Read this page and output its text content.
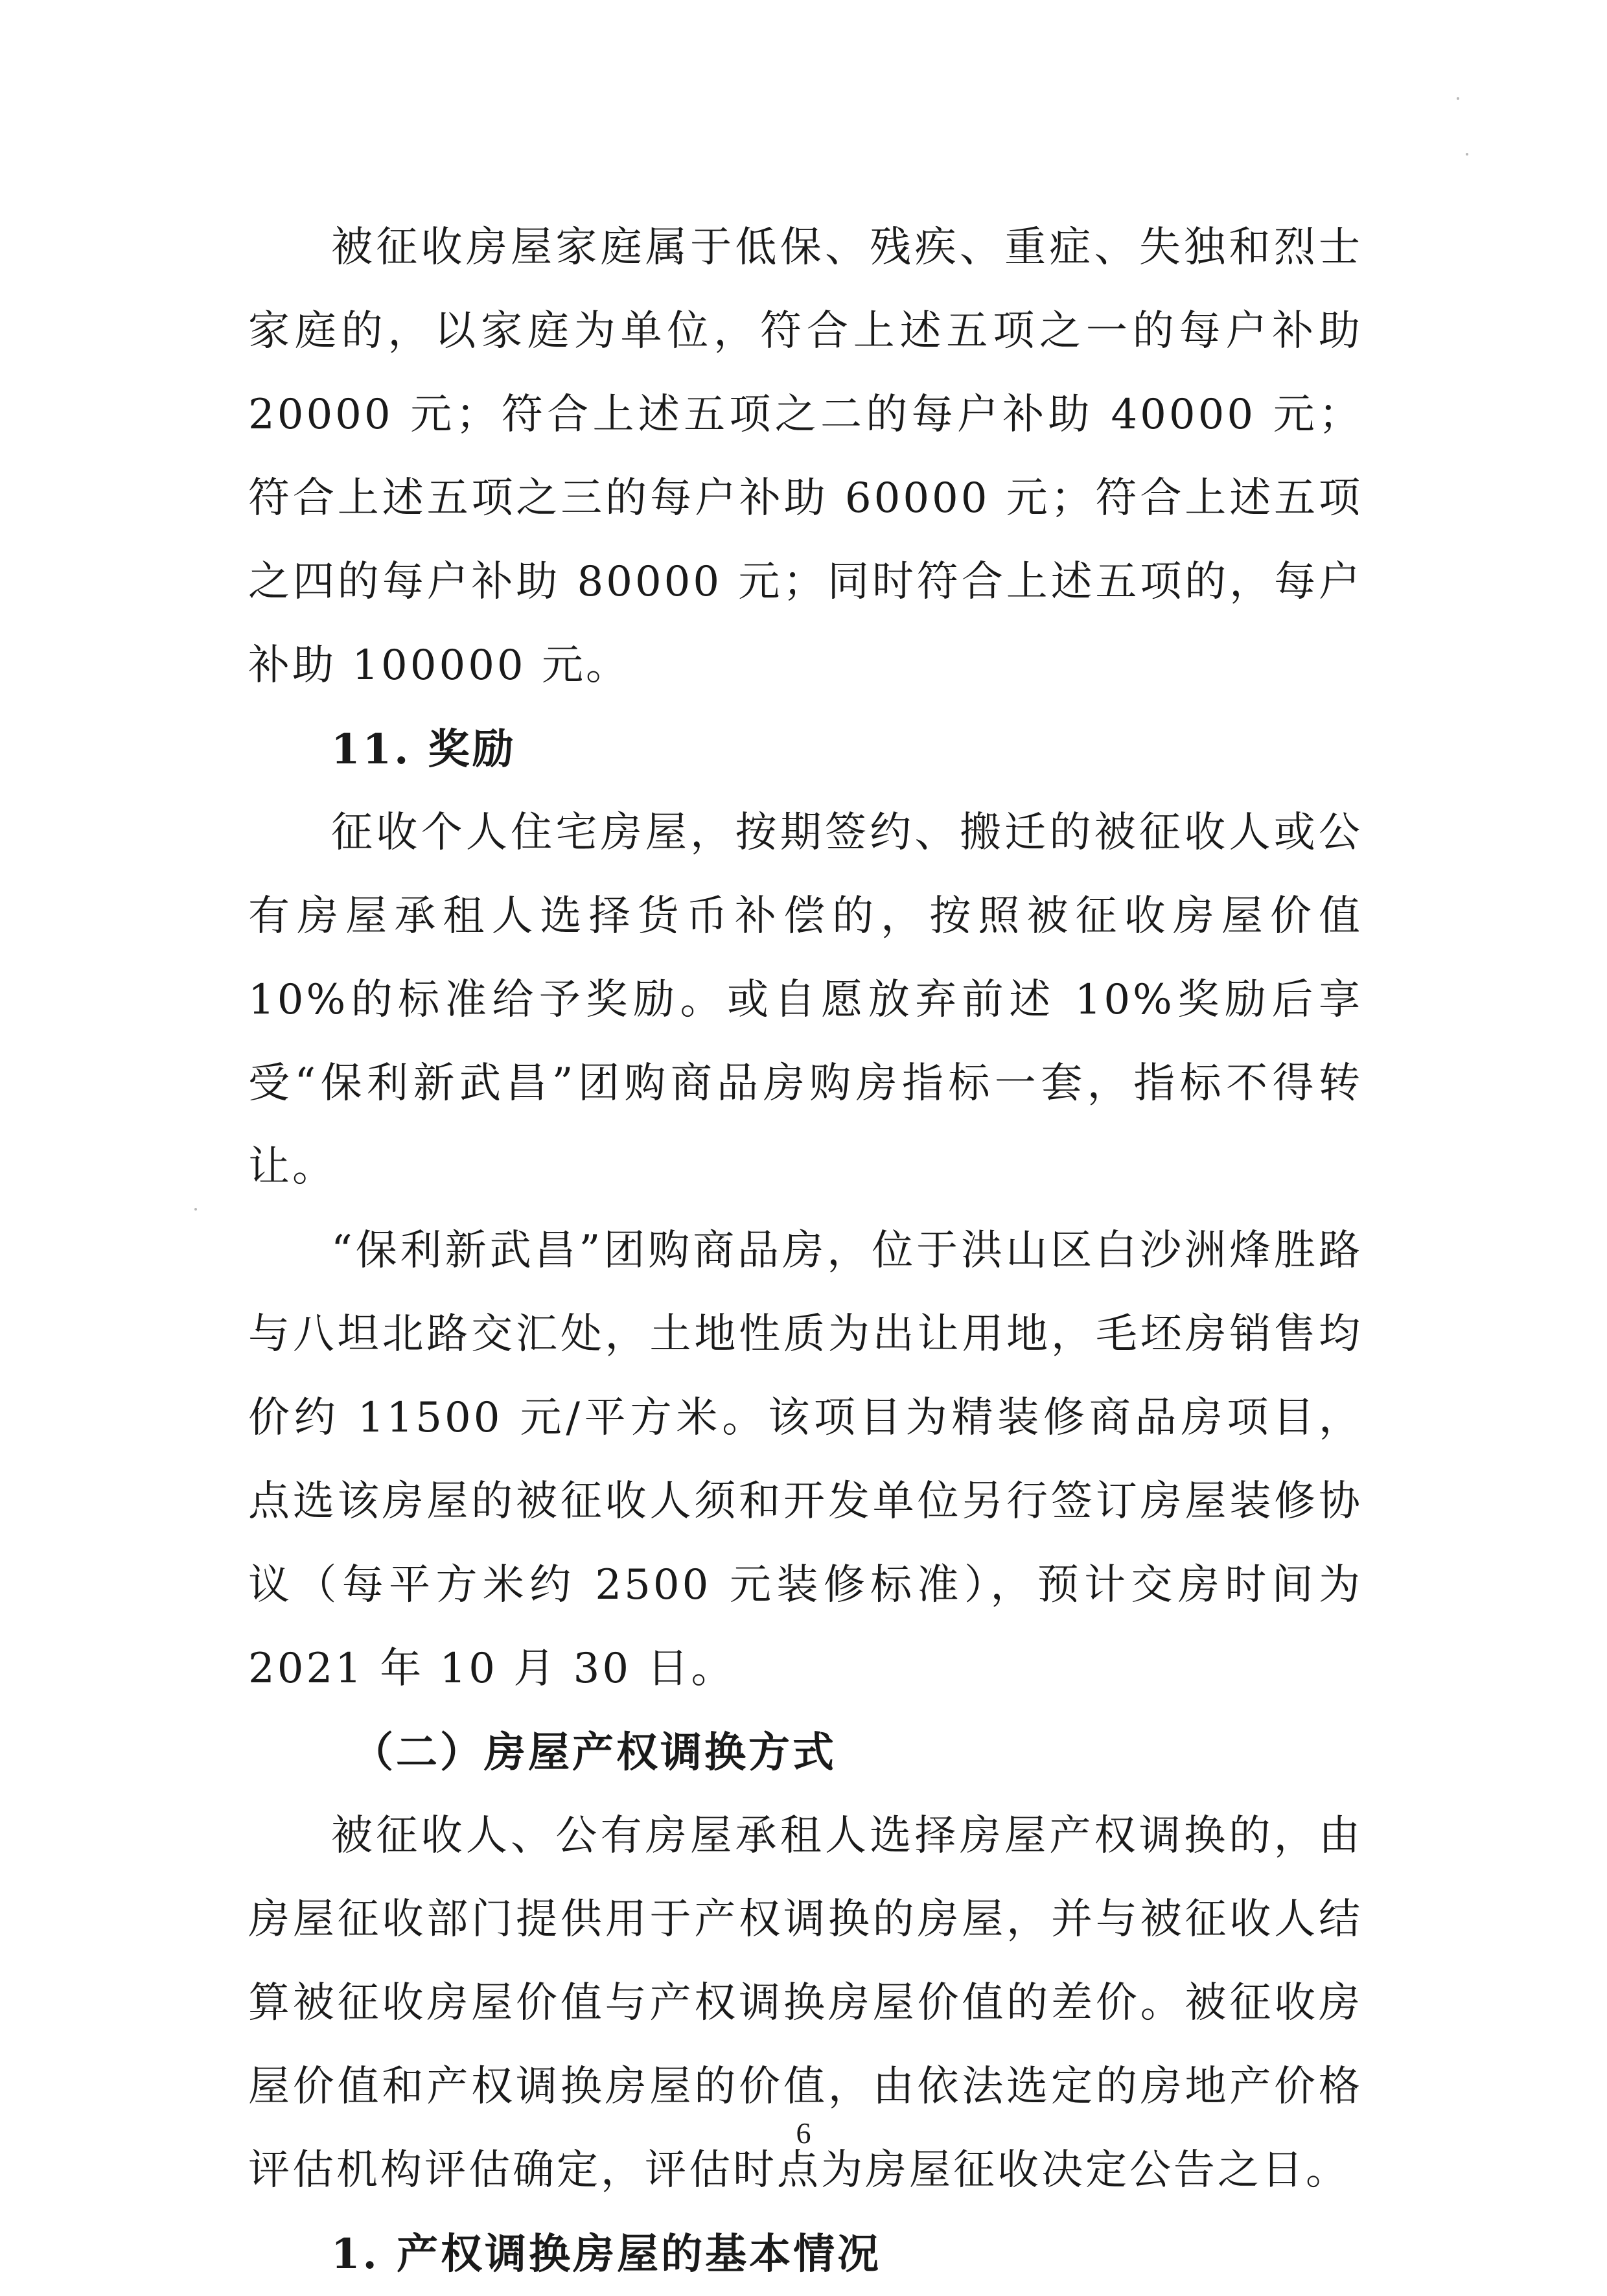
被征收房屋家庭属于低保、残疾、重症、失独和烈士家庭的，以家庭为单位，符合上述五项之一的每户补助 20000 元；符合上述五项之二的每户补助 40000 元；符合上述五项之三的每户补助 60000 元；符合上述五项之四的每户补助 80000 元；同时符合上述五项的，每户补助 100000 元。

11. 奖励

征收个人住宅房屋，按期签约、搬迁的被征收人或公有房屋承租人选择货币补偿的，按照被征收房屋价值 10%的标准给予奖励。或自愿放弃前述 10%奖励后享受“保利新武昌”团购商品房购房指标一套，指标不得转让。

“保利新武昌”团购商品房，位于洪山区白沙洲烽胜路与八坦北路交汇处，土地性质为出让用地，毛坯房销售均价约 11500 元/平方米。该项目为精装修商品房项目，点选该房屋的被征收人须和开发单位另行签订房屋装修协议（每平方米约 2500 元装修标准），预计交房时间为 2021 年 10 月 30 日。

（二）房屋产权调换方式

被征收人、公有房屋承租人选择房屋产权调换的，由房屋征收部门提供用于产权调换的房屋，并与被征收人结算被征收房屋价值与产权调换房屋价值的差价。被征收房屋价值和产权调换房屋的价值，由依法选定的房地产价格评估机构评估确定，评估时点为房屋征收决定公告之日。

1. 产权调换房屋的基本情况

6
